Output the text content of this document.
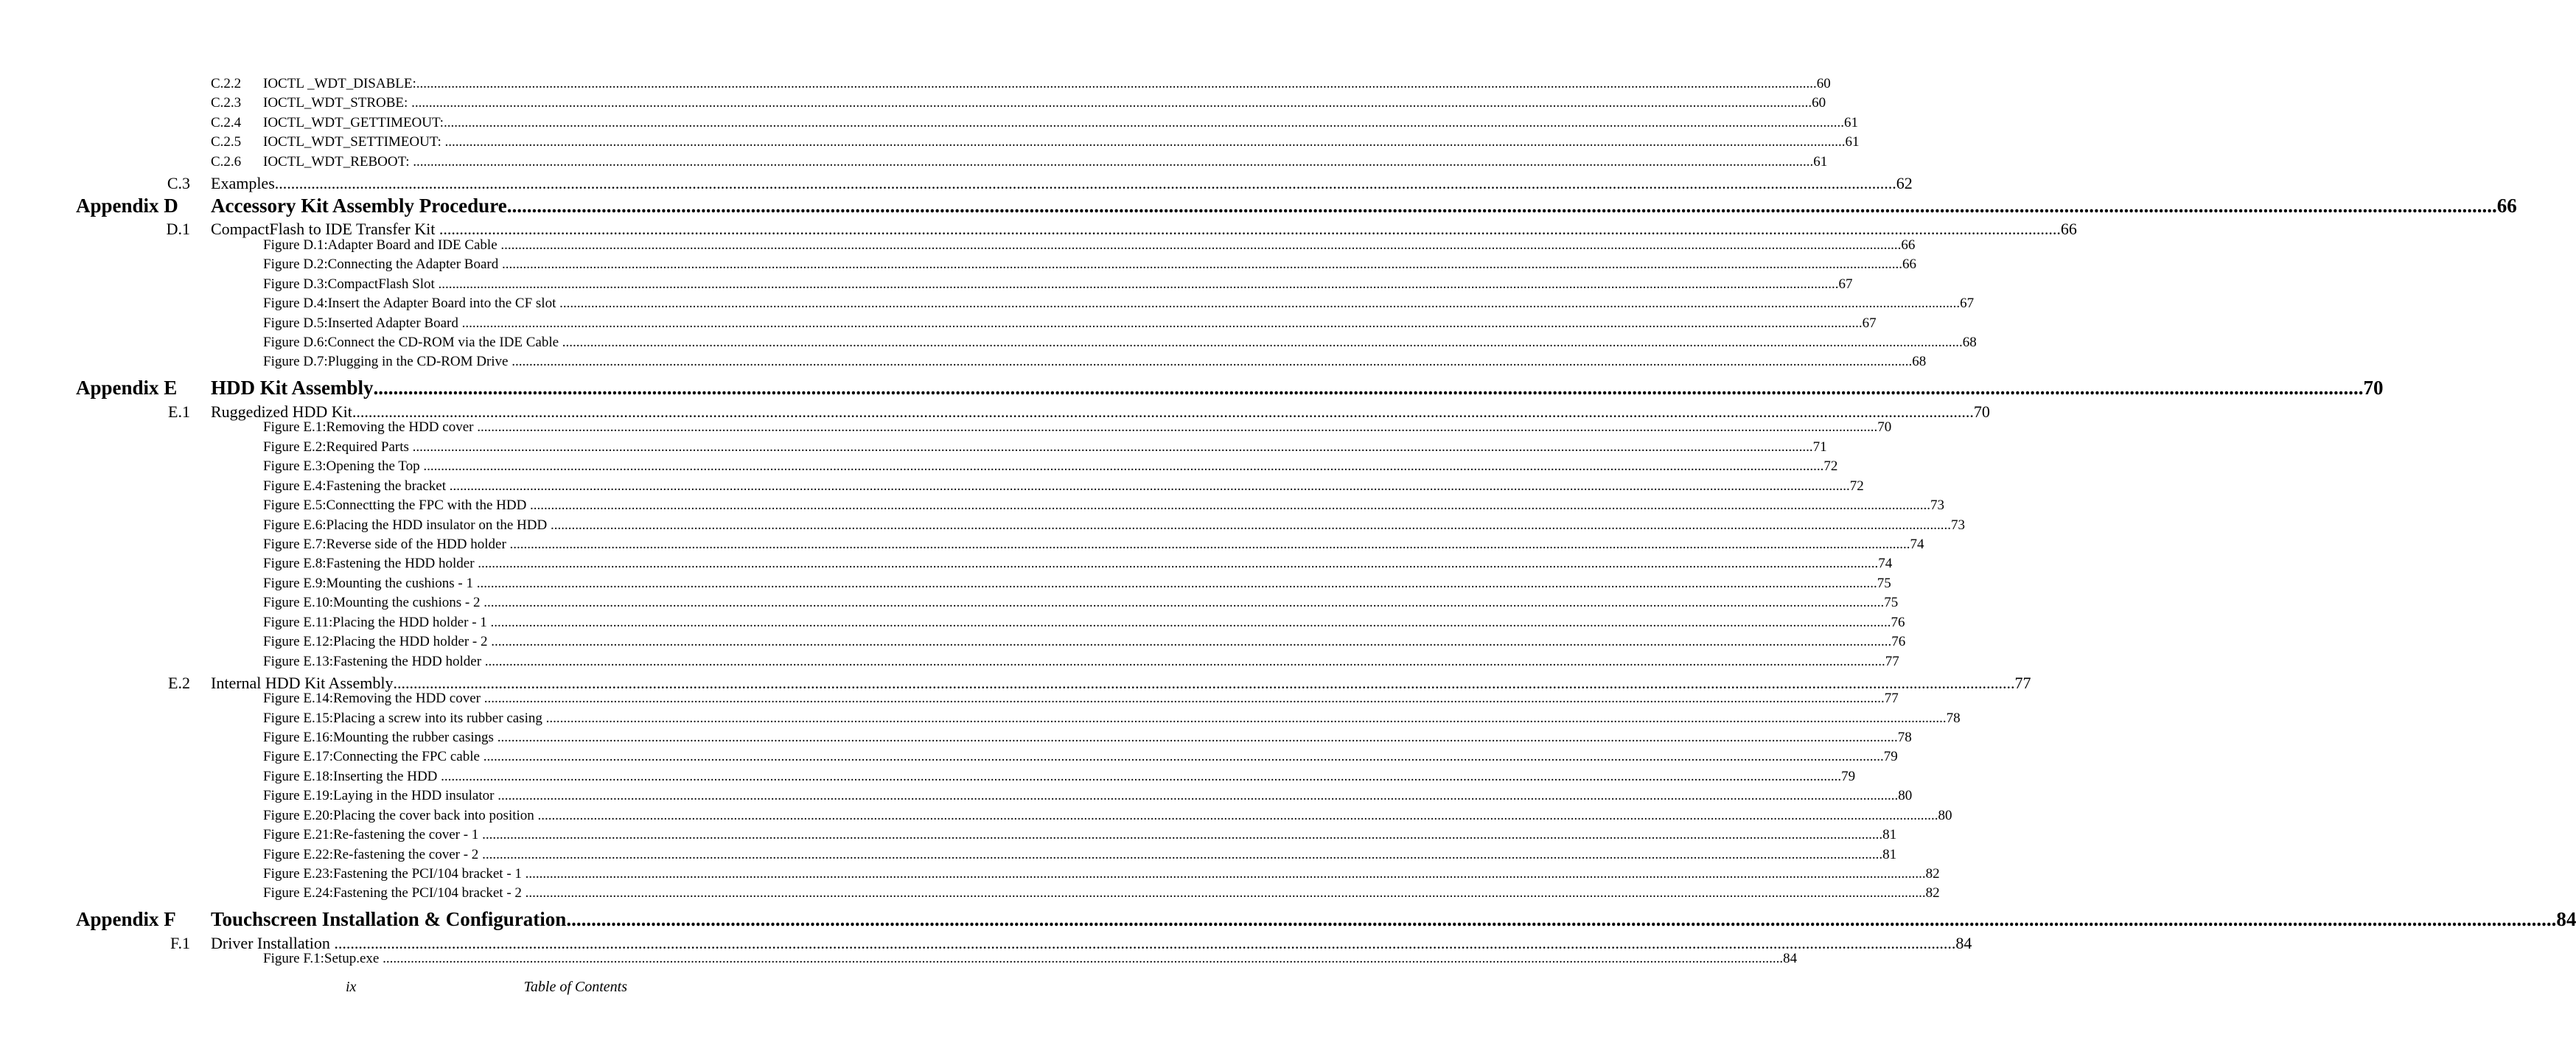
C.2.2 IOCTL _WDT_DISABLE: ................................................................................................................................................................................................................................................................................................................................................................................................................ 60
C.2.3 IOCTL_WDT_STROBE: ................................................................................................................................................................................................................................................................................................................................................................................................................ 60
C.2.4 IOCTL_WDT_GETTIMEOUT: ................................................................................................................................................................................................................................................................................................................................................................................................................ 61
C.2.5 IOCTL_WDT_SETTIMEOUT: ................................................................................................................................................................................................................................................................................................................................................................................................................ 61
C.2.6 IOCTL_WDT_REBOOT: ................................................................................................................................................................................................................................................................................................................................................................................................................ 61
C.3 Examples ................................................................................................................................................................................................................................................................................................................................................................................................................ 62
Appendix D Accessory Kit Assembly Procedure ................................................................................................................................................................................................................................................................................................................................................................................................................ 66
D.1 CompactFlash to IDE Transfer Kit ................................................................................................................................................................................................................................................................................................................................................................................................................ 66
Figure D.1:Adapter Board and IDE Cable ................................................................................................................................................................................................................................................................................................................................................................................................................ 66
Figure D.2:Connecting the Adapter Board ................................................................................................................................................................................................................................................................................................................................................................................................................ 66
Figure D.3:CompactFlash Slot ................................................................................................................................................................................................................................................................................................................................................................................................................ 67
Figure D.4:Insert the Adapter Board into the CF slot ................................................................................................................................................................................................................................................................................................................................................................................................................ 67
Figure D.5:Inserted Adapter Board ................................................................................................................................................................................................................................................................................................................................................................................................................ 67
Figure D.6:Connect the CD-ROM via the IDE Cable ................................................................................................................................................................................................................................................................................................................................................................................................................ 68
Figure D.7:Plugging in the CD-ROM Drive ................................................................................................................................................................................................................................................................................................................................................................................................................ 68
Appendix E HDD Kit Assembly ................................................................................................................................................................................................................................................................................................................................................................................................................ 70
E.1 Ruggedized HDD Kit ................................................................................................................................................................................................................................................................................................................................................................................................................ 70
Figure E.1:Removing the HDD cover ................................................................................................................................................................................................................................................................................................................................................................................................................ 70
Figure E.2:Required Parts ................................................................................................................................................................................................................................................................................................................................................................................................................ 71
Figure E.3:Opening the Top ................................................................................................................................................................................................................................................................................................................................................................................................................ 72
Figure E.4:Fastening the bracket ................................................................................................................................................................................................................................................................................................................................................................................................................ 72
Figure E.5:Connectting the FPC with the HDD ................................................................................................................................................................................................................................................................................................................................................................................................................ 73
Figure E.6:Placing the HDD insulator on the HDD ................................................................................................................................................................................................................................................................................................................................................................................................................ 73
Figure E.7:Reverse side of the HDD holder ................................................................................................................................................................................................................................................................................................................................................................................................................ 74
Figure E.8:Fastening the HDD holder ................................................................................................................................................................................................................................................................................................................................................................................................................ 74
Figure E.9:Mounting the cushions - 1 ................................................................................................................................................................................................................................................................................................................................................................................................................ 75
Figure E.10:Mounting the cushions - 2 ................................................................................................................................................................................................................................................................................................................................................................................................................ 75
Figure E.11:Placing the HDD holder - 1 ................................................................................................................................................................................................................................................................................................................................................................................................................ 76
Figure E.12:Placing the HDD holder - 2 ................................................................................................................................................................................................................................................................................................................................................................................................................ 76
Figure E.13:Fastening the HDD holder ................................................................................................................................................................................................................................................................................................................................................................................................................ 77
E.2 Internal HDD Kit Assembly ................................................................................................................................................................................................................................................................................................................................................................................................................ 77
Figure E.14:Removing the HDD cover ................................................................................................................................................................................................................................................................................................................................................................................................................ 77
Figure E.15:Placing a screw into its rubber casing ................................................................................................................................................................................................................................................................................................................................................................................................................ 78
Figure E.16:Mounting the rubber casings ................................................................................................................................................................................................................................................................................................................................................................................................................ 78
Figure E.17:Connecting the FPC cable ................................................................................................................................................................................................................................................................................................................................................................................................................ 79
Figure E.18:Inserting the HDD ................................................................................................................................................................................................................................................................................................................................................................................................................ 79
Figure E.19:Laying in the HDD insulator ................................................................................................................................................................................................................................................................................................................................................................................................................ 80
Figure E.20:Placing the cover back into position ................................................................................................................................................................................................................................................................................................................................................................................................................ 80
Figure E.21:Re-fastening the cover - 1 ................................................................................................................................................................................................................................................................................................................................................................................................................ 81
Figure E.22:Re-fastening the cover - 2 ................................................................................................................................................................................................................................................................................................................................................................................................................ 81
Figure E.23:Fastening the PCI/104 bracket - 1 ................................................................................................................................................................................................................................................................................................................................................................................................................ 82
Figure E.24:Fastening the PCI/104 bracket - 2 ................................................................................................................................................................................................................................................................................................................................................................................................................ 82
Appendix F Touchscreen Installation & Configuration ................................................................................................................................................................................................................................................................................................................................................................................................................ 84
F.1 Driver Installation ................................................................................................................................................................................................................................................................................................................................................................................................................ 84
Figure F.1:Setup.exe ................................................................................................................................................................................................................................................................................................................................................................................................................ 84
ix	Table of Contents
